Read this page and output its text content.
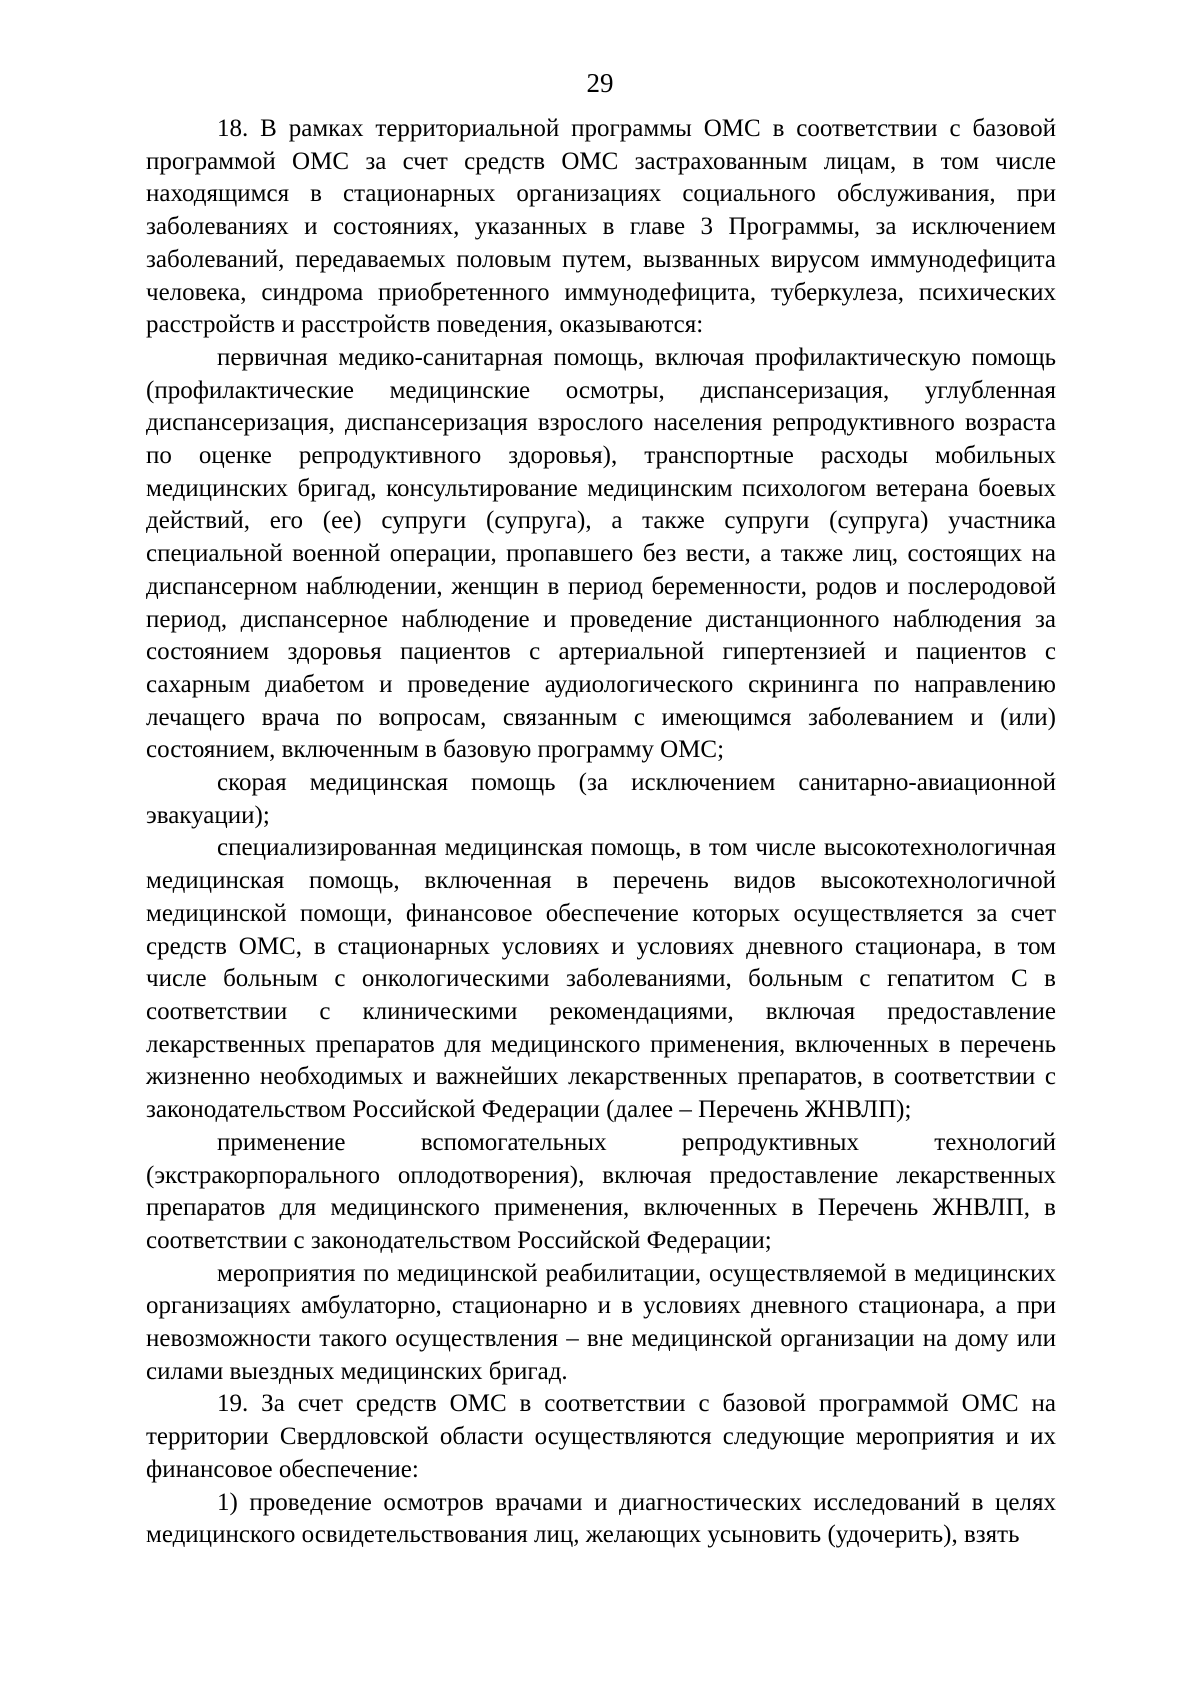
29

18. В рамках территориальной программы ОМС в соответствии с базовой программой ОМС за счет средств ОМС застрахованным лицам, в том числе находящимся в стационарных организациях социального обслуживания, при заболеваниях и состояниях, указанных в главе 3 Программы, за исключением заболеваний, передаваемых половым путем, вызванных вирусом иммунодефицита человека, синдрома приобретенного иммунодефицита, туберкулеза, психических расстройств и расстройств поведения, оказываются:

первичная медико-санитарная помощь, включая профилактическую помощь (профилактические медицинские осмотры, диспансеризация, углубленная диспансеризация, диспансеризация взрослого населения репродуктивного возраста по оценке репродуктивного здоровья), транспортные расходы мобильных медицинских бригад, консультирование медицинским психологом ветерана боевых действий, его (ее) супруги (супруга), а также супруги (супруга) участника специальной военной операции, пропавшего без вести, а также лиц, состоящих на диспансерном наблюдении, женщин в период беременности, родов и послеродовой период, диспансерное наблюдение и проведение дистанционного наблюдения за состоянием здоровья пациентов с артериальной гипертензией и пациентов с сахарным диабетом и проведение аудиологического скрининга по направлению лечащего врача по вопросам, связанным с имеющимся заболеванием и (или) состоянием, включенным в базовую программу ОМС;

скорая медицинская помощь (за исключением санитарно-авиационной эвакуации);

специализированная медицинская помощь, в том числе высокотехнологичная медицинская помощь, включенная в перечень видов высокотехнологичной медицинской помощи, финансовое обеспечение которых осуществляется за счет средств ОМС, в стационарных условиях и условиях дневного стационара, в том числе больным с онкологическими заболеваниями, больным с гепатитом С в соответствии с клиническими рекомендациями, включая предоставление лекарственных препаратов для медицинского применения, включенных в перечень жизненно необходимых и важнейших лекарственных препаратов, в соответствии с законодательством Российской Федерации (далее – Перечень ЖНВЛП);

применение вспомогательных репродуктивных технологий (экстракорпорального оплодотворения), включая предоставление лекарственных препаратов для медицинского применения, включенных в Перечень ЖНВЛП, в соответствии с законодательством Российской Федерации;

мероприятия по медицинской реабилитации, осуществляемой в медицинских организациях амбулаторно, стационарно и в условиях дневного стационара, а при невозможности такого осуществления – вне медицинской организации на дому или силами выездных медицинских бригад.

19. За счет средств ОМС в соответствии с базовой программой ОМС на территории Свердловской области осуществляются следующие мероприятия и их финансовое обеспечение:

1) проведение осмотров врачами и диагностических исследований в целях медицинского освидетельствования лиц, желающих усыновить (удочерить), взять
